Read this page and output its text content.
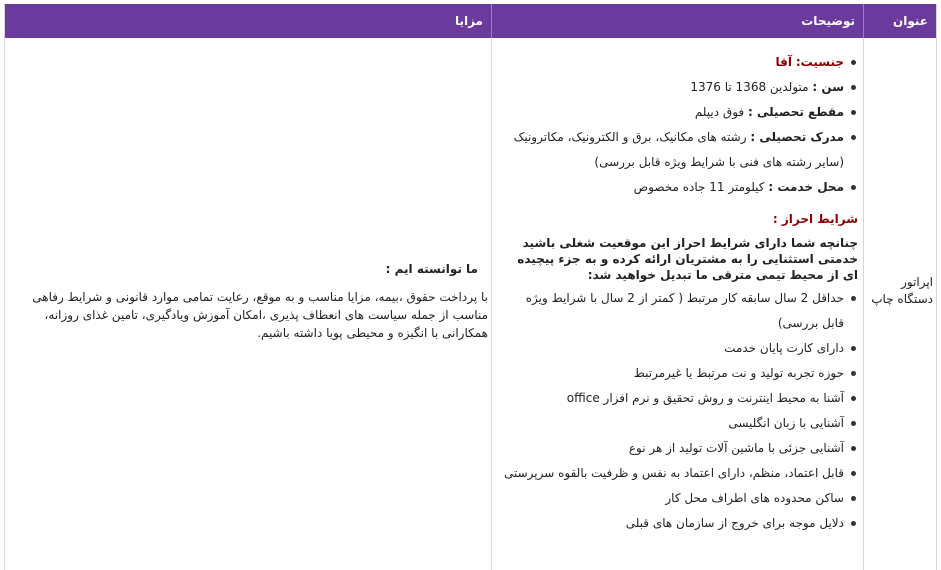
عنوان شغلی
توضیحات
مزایا
اپراتور دستگاه چاپ
جنسیت: آقا
سن : متولدین 1368 تا 1376
مقطع تحصیلی : فوق دیپلم
مدرک تحصیلی : رشته های مکانیک، برق و الکترونیک، مکاترونیک (سایر رشته های فنی با شرایط ویژه قابل بررسی)
محل خدمت : کیلومتر 11 جاده مخصوص
شرایط احراز :
چنانچه شما دارای شرایط احراز این موقعیت شغلی باشید خدمتی استثنایی را به مشتریان ارائه کرده و به جزء پیچیده ای از محیط تیمی مترقی ما تبدیل خواهید شد:
حداقل 2 سال سابقه کار مرتبط ( کمتر از 2 سال با شرایط ویژه قابل بررسی)
دارای کارت پایان خدمت
حوزه تجربه تولید و نت مرتبط یا غیرمرتبط
آشنا به محیط اینترنت و روش تحقیق و نرم افزار office
آشنایی با زبان انگلیسی
آشنایی جزئی با ماشین آلات تولید از هر نوع
قابل اعتماد، منظم، دارای اعتماد به نفس و ظرفیت بالقوه سرپرستی
ساکن محدوده های اطراف محل کار
دلایل موجه برای خروج از سازمان های قبلی
ما توانسته ایم :
با پرداخت حقوق ،بیمه، مزایا مناسب و به موقع، رعایت تمامی موارد قانونی و شرایط رفاهی مناسب از جمله سیاست های انعطاف پذیری ،امکان آموزش ویادگیری، تامین غذای روزانه، همکارانی با انگیزه و محیطی پویا داشته باشیم.
